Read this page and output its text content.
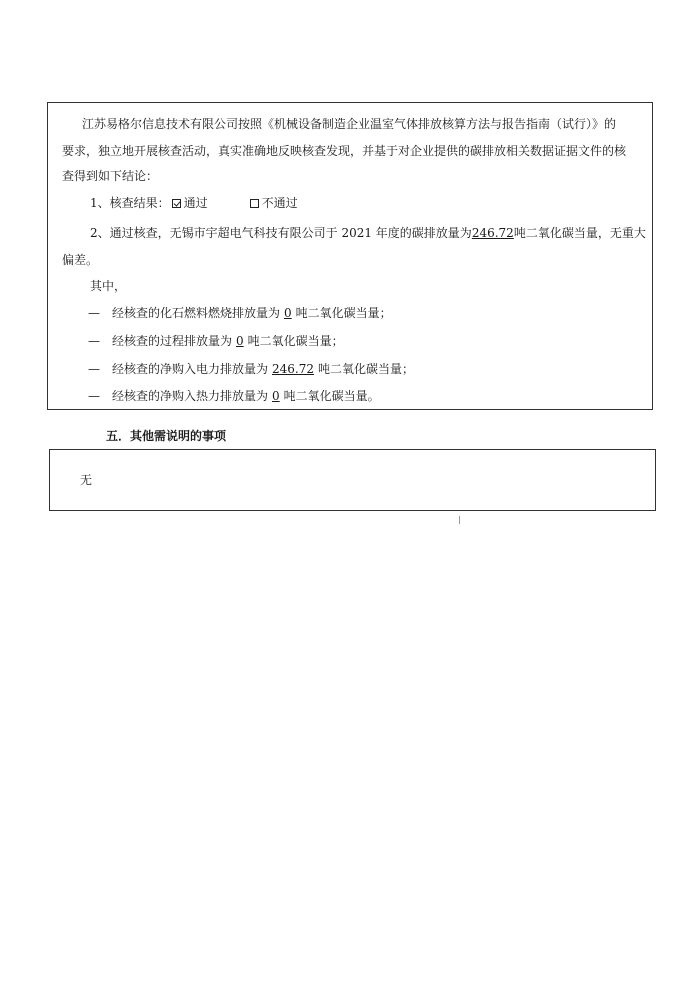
江苏易格尔信息技术有限公司按照《机械设备制造企业温室气体排放核算方法与报告指南（试行）》的
要求，独立地开展核查活动，真实准确地反映核查发现，并基于对企业提供的碳排放相关数据证据文件的核
查得到如下结论：
1、核查结果： 通过	不通过
2、通过核查，无锡市宇超电气科技有限公司于 2021 年度的碳排放量为246.72吨二氧化碳当量，无重大
偏差。
其中，
— 经核查的化石燃料燃烧排放量为 0 吨二氧化碳当量；
— 经核查的过程排放量为 0 吨二氧化碳当量；
— 经核查的净购入电力排放量为 246.72 吨二氧化碳当量；
— 经核查的净购入热力排放量为 0 吨二氧化碳当量。
五．其他需说明的事项
无
